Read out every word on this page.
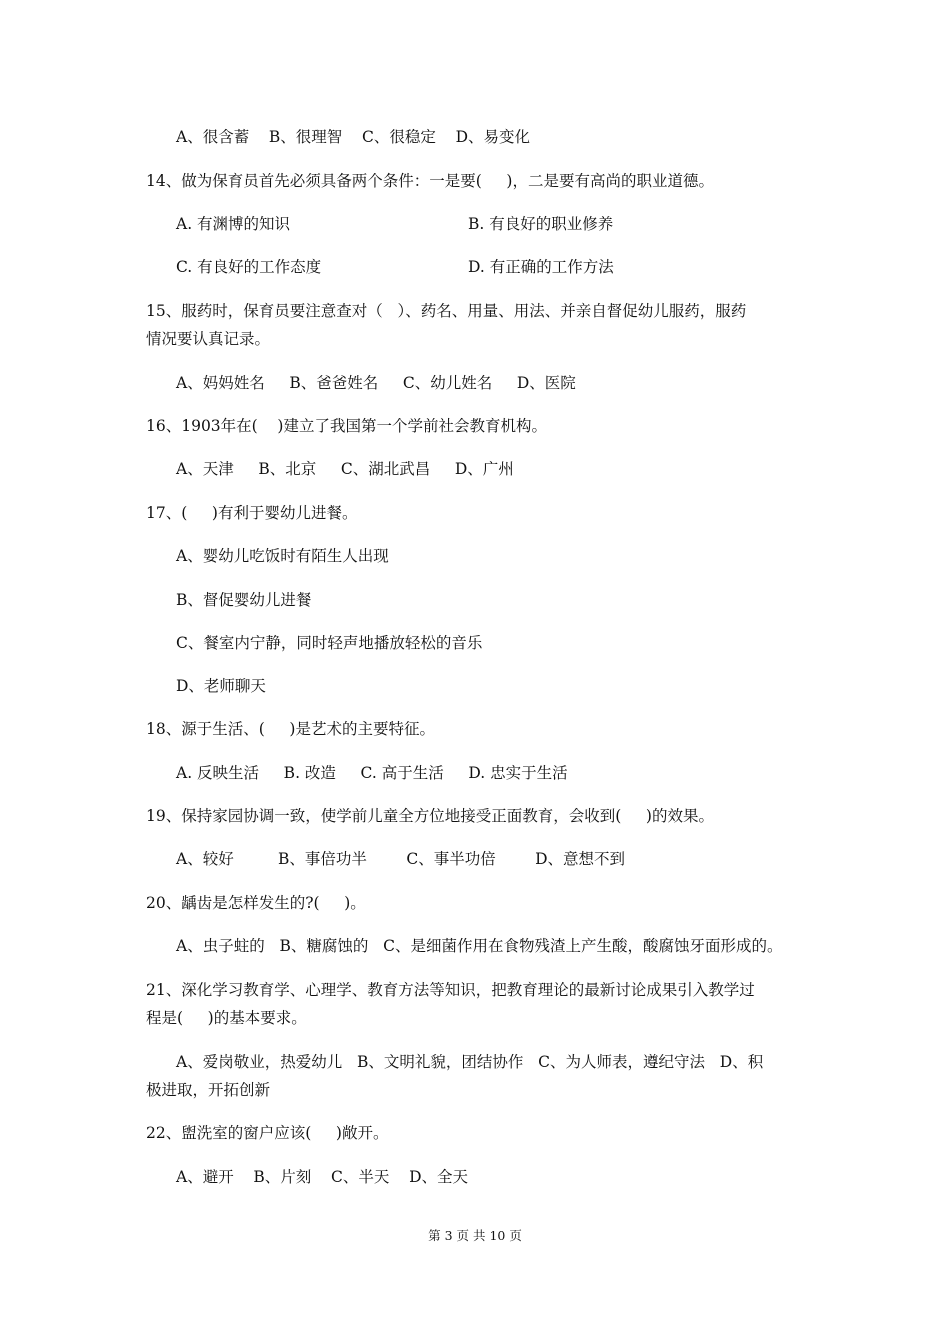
A、很含蓄    B、很理智    C、很稳定    D、易变化
14、做为保育员首先必须具备两个条件：一是要(     )，二是要有高尚的职业道德。
A. 有渊博的知识	B. 有良好的职业修养
C. 有良好的工作态度	D. 有正确的工作方法
15、服药时，保育员要注意查对（   ）、药名、用量、用法、并亲自督促幼儿服药，服药
情况要认真记录。
A、妈妈姓名     B、爸爸姓名     C、幼儿姓名     D、医院
16、1903年在(    )建立了我国第一个学前社会教育机构。
A、天津     B、北京     C、湖北武昌     D、广州
17、(     )有利于婴幼儿进餐。
A、婴幼儿吃饭时有陌生人出现
B、督促婴幼儿进餐
C、餐室内宁静，同时轻声地播放轻松的音乐
D、老师聊天
18、源于生活、(     )是艺术的主要特征。
A. 反映生活     B. 改造     C. 高于生活     D. 忠实于生活
19、保持家园协调一致，使学前儿童全方位地接受正面教育，会收到(     )的效果。
A、较好         B、事倍功半        C、事半功倍        D、意想不到
20、龋齿是怎样发生的?(     )。
A、虫子蛀的   B、糖腐蚀的   C、是细菌作用在食物残渣上产生酸，酸腐蚀牙面形成的。
21、深化学习教育学、心理学、教育方法等知识，把教育理论的最新讨论成果引入教学过
程是(     )的基本要求。
A、爱岗敬业，热爱幼儿   B、文明礼貌，团结协作   C、为人师表，遵纪守法   D、积
极进取，开拓创新
22、盥洗室的窗户应该(     )敞开。
A、避开    B、片刻    C、半天    D、全天
第 3 页 共 10 页
